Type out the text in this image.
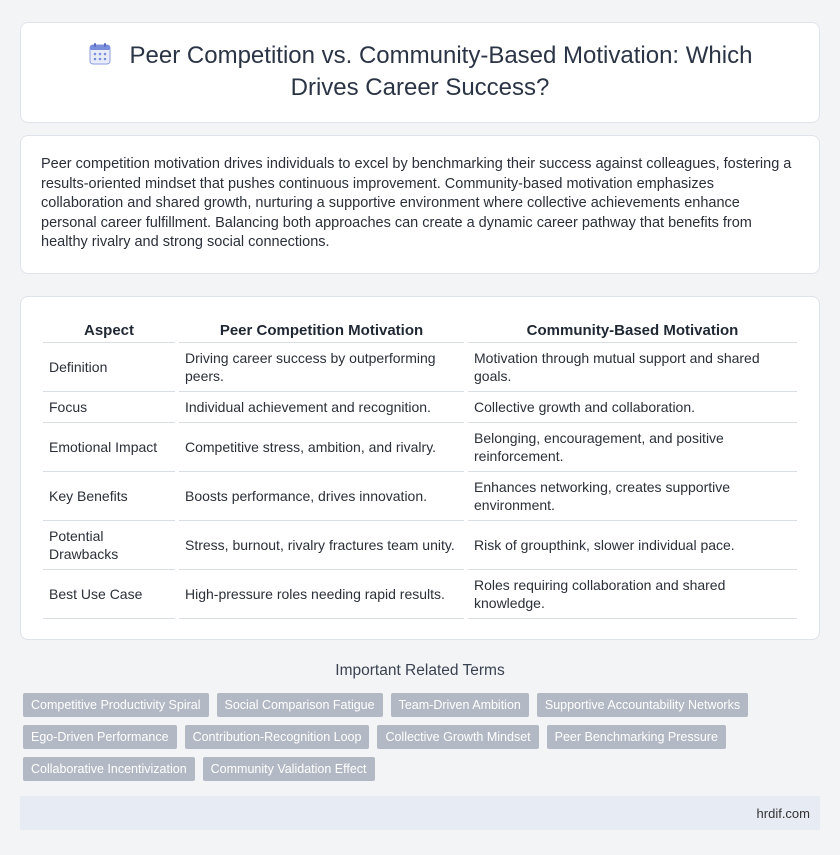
Peer Competition vs. Community-Based Motivation: Which Drives Career Success?

Peer competition motivation drives individuals to excel by benchmarking their success against colleagues, fostering a results-oriented mindset that pushes continuous improvement. Community-based motivation emphasizes collaboration and shared growth, nurturing a supportive environment where collective achievements enhance personal career fulfillment. Balancing both approaches can create a dynamic career pathway that benefits from healthy rivalry and strong social connections.

Aspect	Peer Competition Motivation	Community-Based Motivation
Definition	Driving career success by outperforming peers.	Motivation through mutual support and shared goals.
Focus	Individual achievement and recognition.	Collective growth and collaboration.
Emotional Impact	Competitive stress, ambition, and rivalry.	Belonging, encouragement, and positive reinforcement.
Key Benefits	Boosts performance, drives innovation.	Enhances networking, creates supportive environment.
Potential Drawbacks	Stress, burnout, rivalry fractures team unity.	Risk of groupthink, slower individual pace.
Best Use Case	High-pressure roles needing rapid results.	Roles requiring collaboration and shared knowledge.
Important Related Terms
Competitive Productivity Spiral	Social Comparison Fatigue	Team-Driven Ambition	Supportive Accountability Networks
Ego-Driven Performance	Contribution-Recognition Loop	Collective Growth Mindset	Peer Benchmarking Pressure
Collaborative Incentivization	Community Validation Effect
hrdif.com
